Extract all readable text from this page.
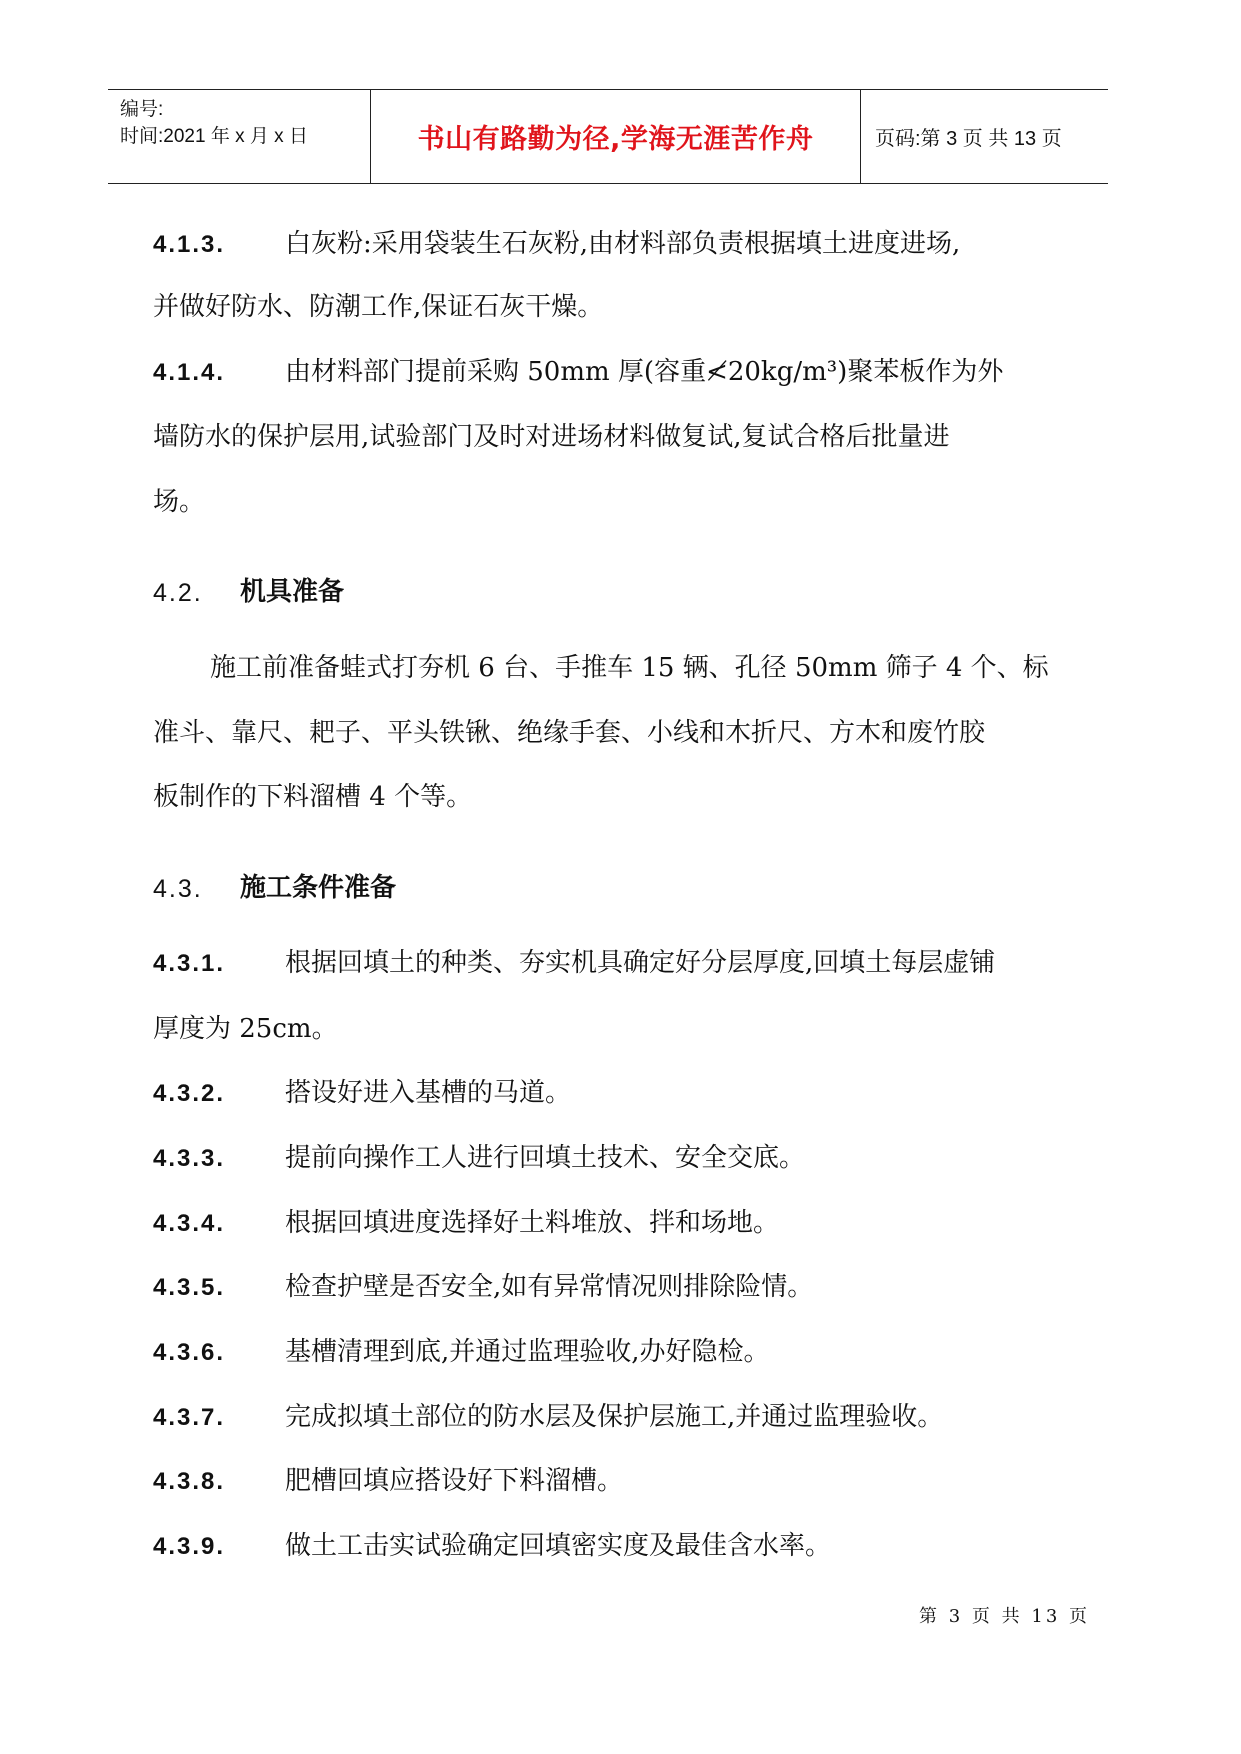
编号:
时间:2021 年 x 月 x 日	书山有路勤为径,学海无涯苦作舟	页码:第 3 页 共 13 页
4.1.3. 白灰粉:采用袋装生石灰粉,由材料部负责根据填土进度进场,
并做好防水、防潮工作,保证石灰干燥。
4.1.4. 由材料部门提前采购 50mm 厚(容重≮20kg/m³)聚苯板作为外
墙防水的保护层用,试验部门及时对进场材料做复试,复试合格后批量进
场。
4.2. 机具准备
施工前准备蛙式打夯机 6 台、手推车 15 辆、孔径 50mm 筛子 4 个、标
准斗、靠尺、耙子、平头铁锹、绝缘手套、小线和木折尺、方木和废竹胶
板制作的下料溜槽 4 个等。
4.3. 施工条件准备
4.3.1. 根据回填土的种类、夯实机具确定好分层厚度,回填土每层虚铺
厚度为 25cm。
4.3.2. 搭设好进入基槽的马道。
4.3.3. 提前向操作工人进行回填土技术、安全交底。
4.3.4. 根据回填进度选择好土料堆放、拌和场地。
4.3.5. 检查护壁是否安全,如有异常情况则排除险情。
4.3.6. 基槽清理到底,并通过监理验收,办好隐检。
4.3.7. 完成拟填土部位的防水层及保护层施工,并通过监理验收。
4.3.8. 肥槽回填应搭设好下料溜槽。
4.3.9. 做土工击实试验确定回填密实度及最佳含水率。
第 3 页 共 13 页
